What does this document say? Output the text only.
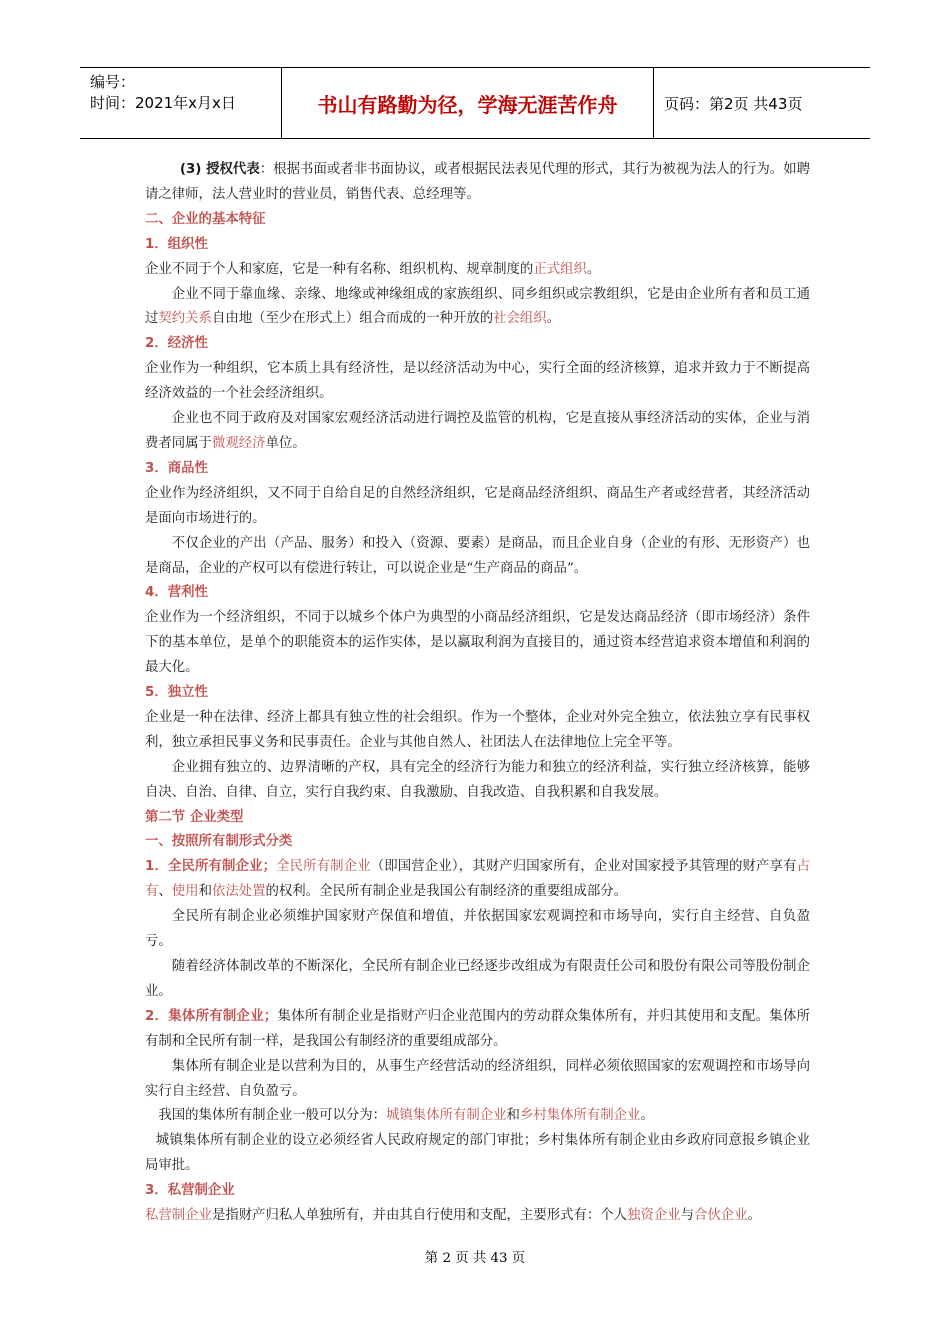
编号：
时间：2021年x月x日	书山有路勤为径，学海无涯苦作舟	页码：第2页 共43页

(3) 授权代表：根据书面或者非书面协议，或者根据民法表见代理的形式，其行为被视为法人的行为。如聘请之律师，法人营业时的营业员，销售代表、总经理等。

二、企业的基本特征
1．组织性

企业不同于个人和家庭，它是一种有名称、组织机构、规章制度的正式组织。

企业不同于靠血缘、亲缘、地缘或神缘组成的家族组织、同乡组织或宗教组织，它是由企业所有者和员工通过契约关系自由地（至少在形式上）组合而成的一种开放的社会组织。

2．经济性

企业作为一种组织，它本质上具有经济性，是以经济活动为中心，实行全面的经济核算，追求并致力于不断提高经济效益的一个社会经济组织。

企业也不同于政府及对国家宏观经济活动进行调控及监管的机构，它是直接从事经济活动的实体，企业与消费者同属于微观经济单位。

3．商品性

企业作为经济组织，又不同于自给自足的自然经济组织，它是商品经济组织、商品生产者或经营者，其经济活动是面向市场进行的。

不仅企业的产出（产品、服务）和投入（资源、要素）是商品，而且企业自身（企业的有形、无形资产）也是商品，企业的产权可以有偿进行转让，可以说企业是“生产商品的商品”。

4．营利性

企业作为一个经济组织，不同于以城乡个体户为典型的小商品经济组织，它是发达商品经济（即市场经济）条件下的基本单位，是单个的职能资本的运作实体，是以赢取利润为直接目的，通过资本经营追求资本增值和利润的最大化。

5．独立性

企业是一种在法律、经济上都具有独立性的社会组织。作为一个整体，企业对外完全独立，依法独立享有民事权利，独立承担民事义务和民事责任。企业与其他自然人、社团法人在法律地位上完全平等。

企业拥有独立的、边界清晰的产权，具有完全的经济行为能力和独立的经济利益，实行独立经济核算，能够自决、自治、自律、自立，实行自我约束、自我激励、自我改造、自我积累和自我发展。

第二节 企业类型
一、按照所有制形式分类

1．全民所有制企业；全民所有制企业（即国营企业），其财产归国家所有，企业对国家授予其管理的财产享有占有、使用和依法处置的权利。全民所有制企业是我国公有制经济的重要组成部分。

全民所有制企业必须维护国家财产保值和增值，并依据国家宏观调控和市场导向，实行自主经营、自负盈亏。

随着经济体制改革的不断深化，全民所有制企业已经逐步改组成为有限责任公司和股份有限公司等股份制企业。

2．集体所有制企业；集体所有制企业是指财产归企业范围内的劳动群众集体所有，并归其使用和支配。集体所有制和全民所有制一样，是我国公有制经济的重要组成部分。

集体所有制企业是以营利为目的，从事生产经营活动的经济组织，同样必须依照国家的宏观调控和市场导向实行自主经营、自负盈亏。

我国的集体所有制企业一般可以分为：城镇集体所有制企业和乡村集体所有制企业。

城镇集体所有制企业的设立必须经省人民政府规定的部门审批；乡村集体所有制企业由乡政府同意报乡镇企业局审批。

3．私营制企业

私营制企业是指财产归私人单独所有，并由其自行使用和支配，主要形式有：个人独资企业与合伙企业。

第 2 页 共 43 页
